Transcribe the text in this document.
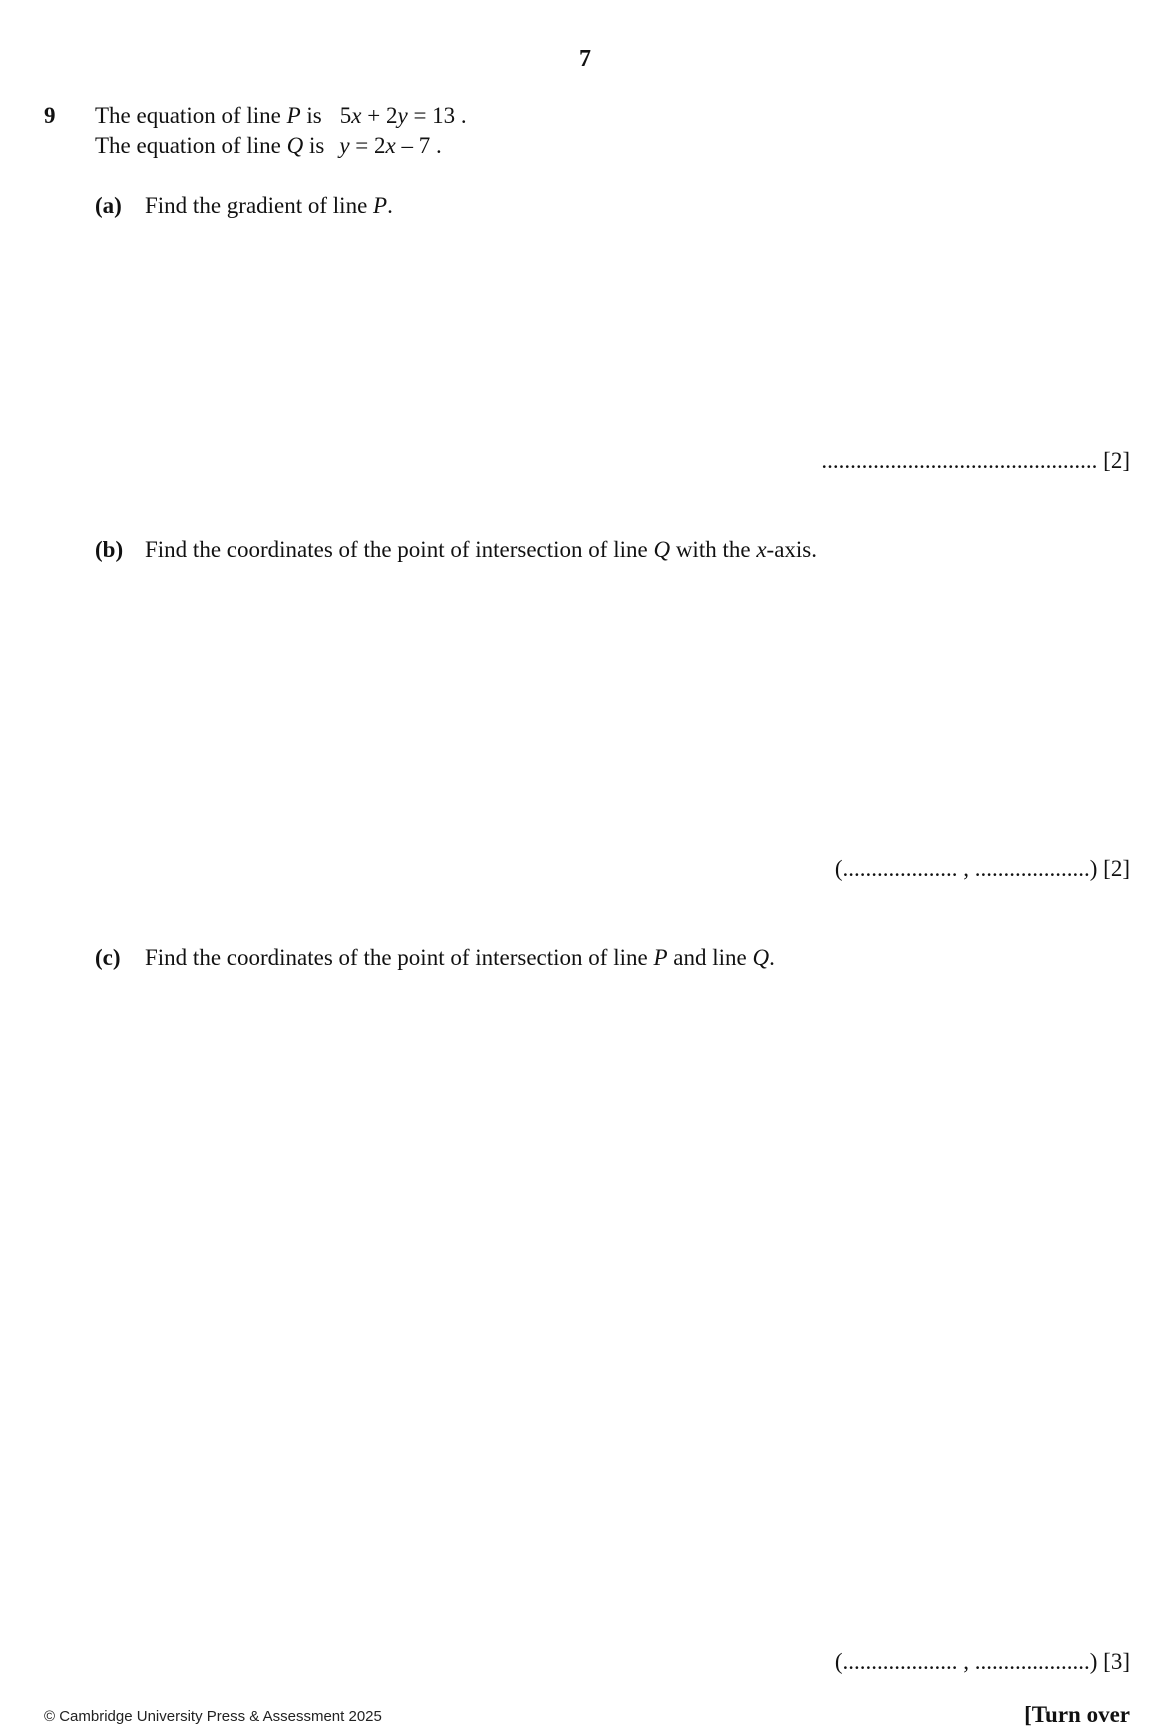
7
9 The equation of line P is 5x + 2y = 13 .
The equation of line Q is y = 2x – 7 .
(a) Find the gradient of line P.
................................................ [2]
(b) Find the coordinates of the point of intersection of line Q with the x-axis.
(.................... , ....................) [2]
(c) Find the coordinates of the point of intersection of line P and line Q.
(.................... , ....................) [3]
© Cambridge University Press & Assessment 2025	[Turn over
